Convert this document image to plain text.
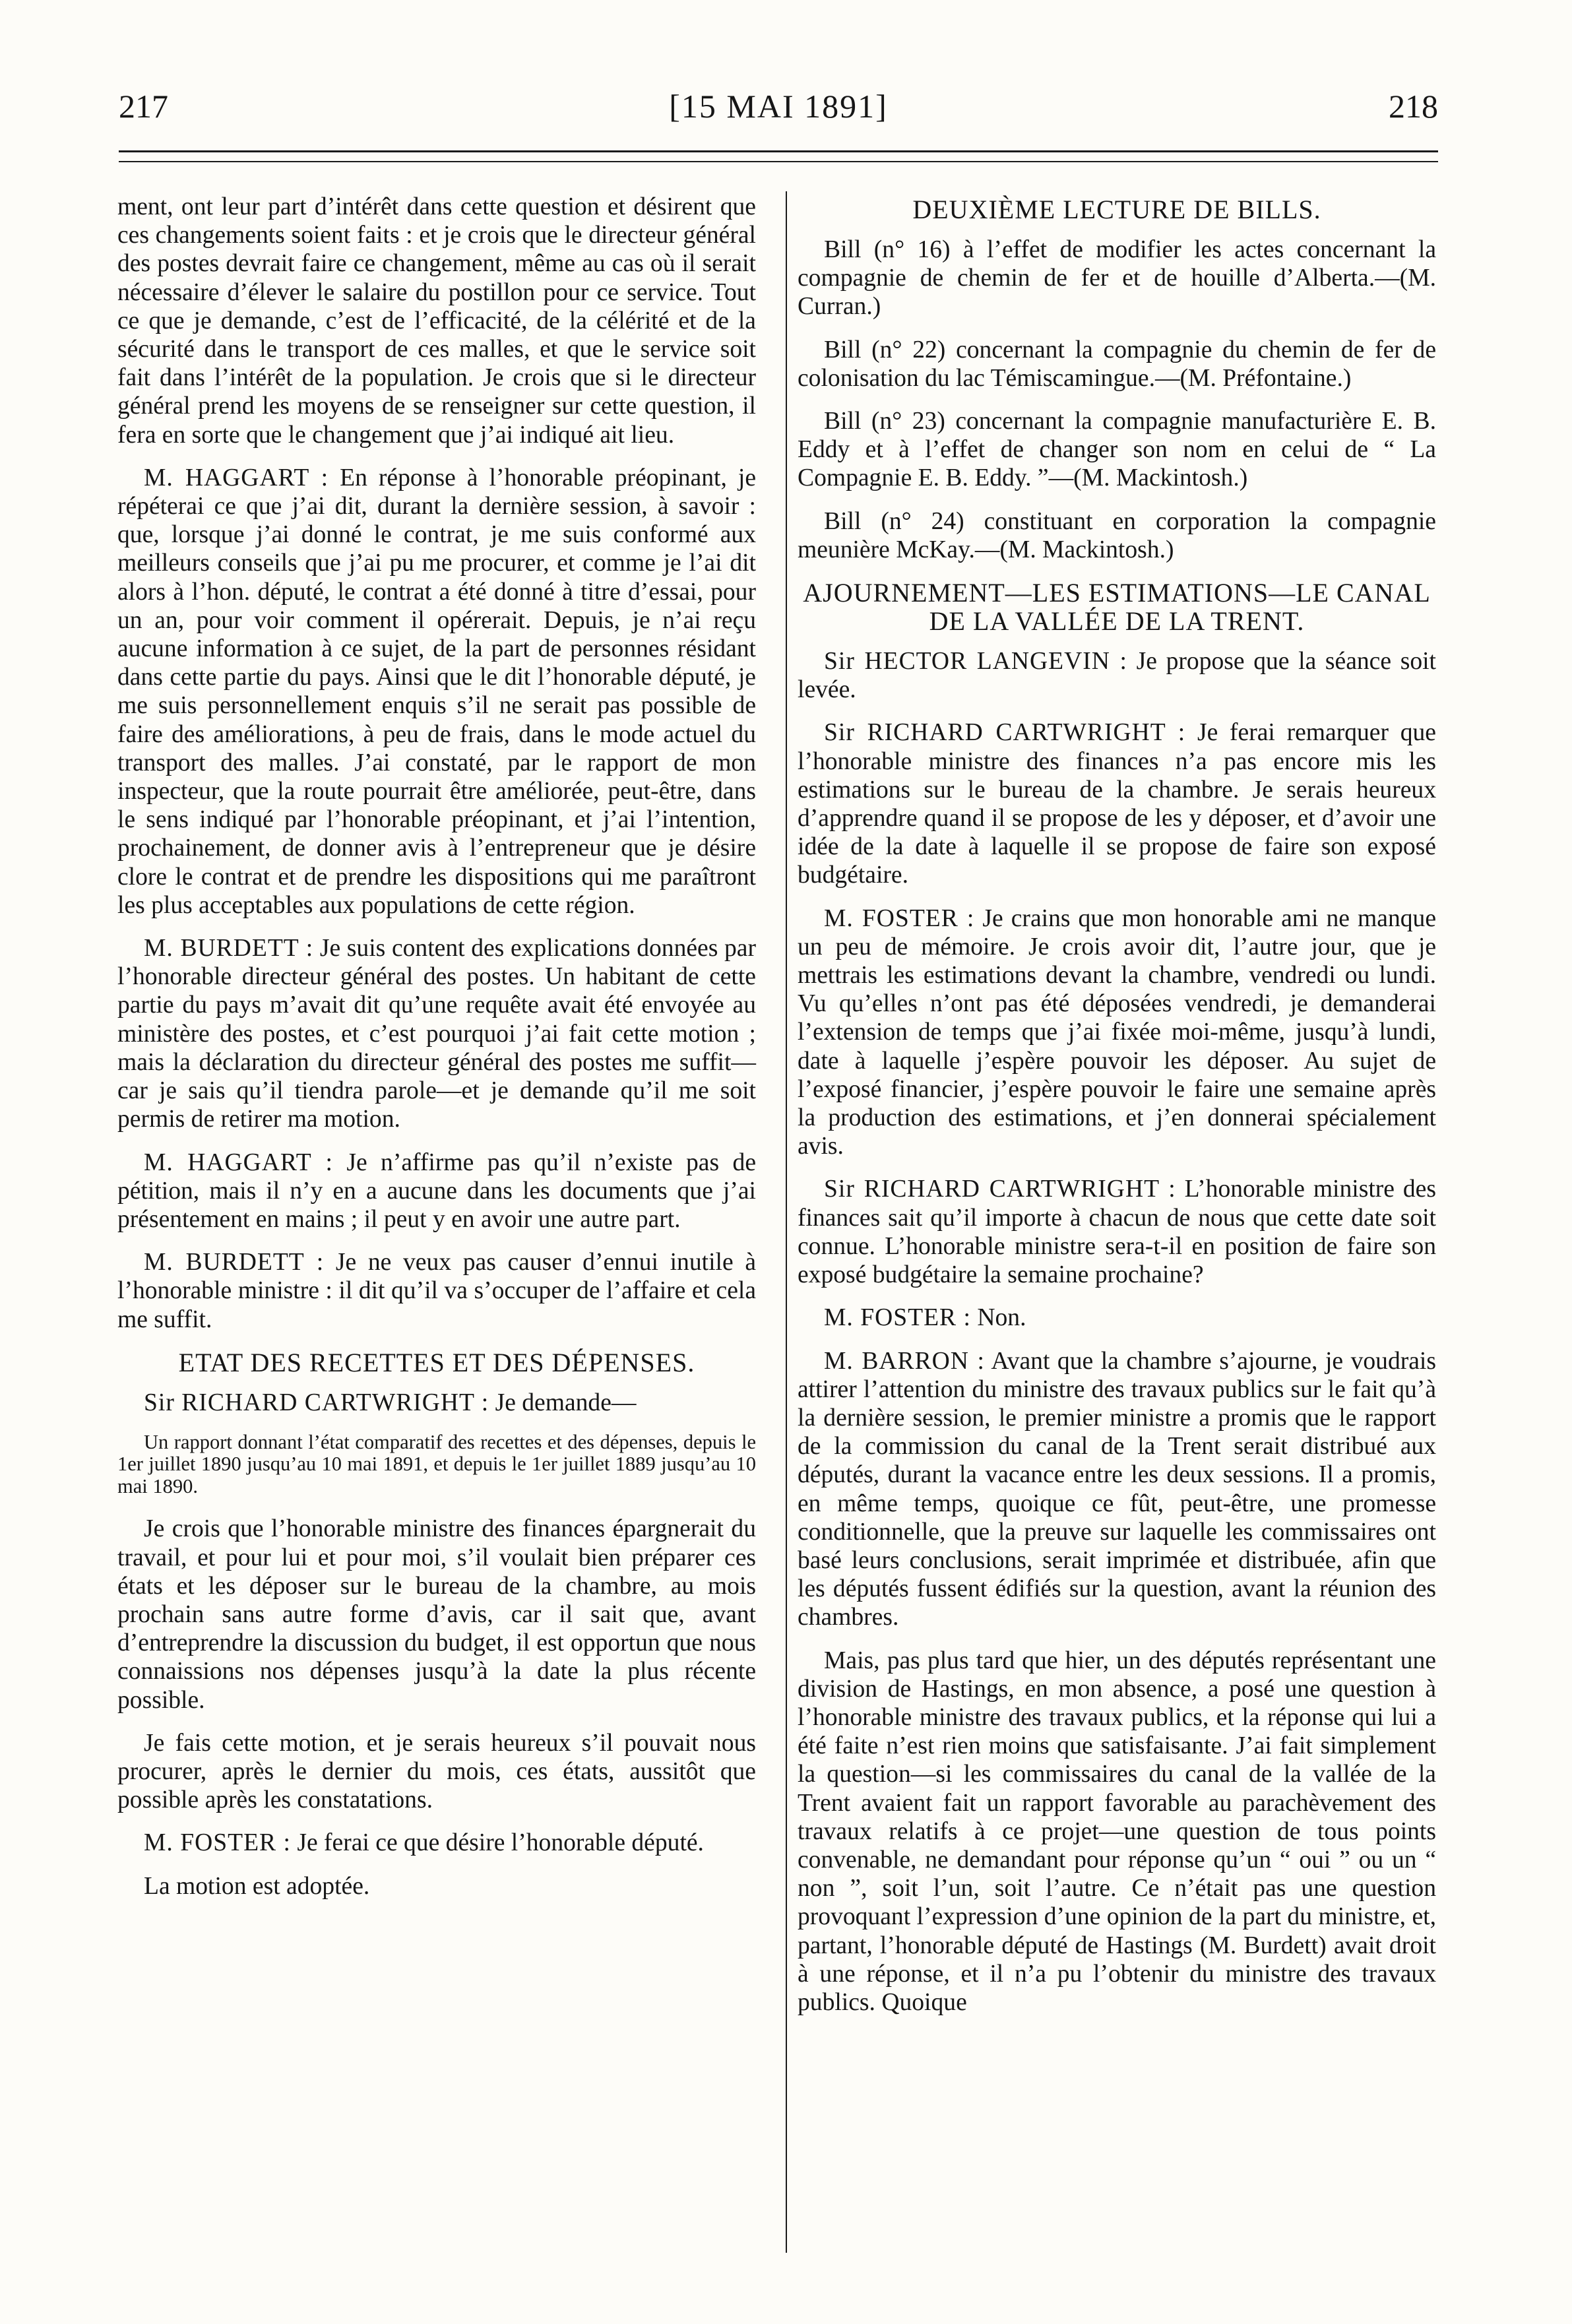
217	[15 MAI 1891]	218

ment, ont leur part d’intérêt dans cette question et désirent que ces changements soient faits : et je crois que le directeur général des postes devrait faire ce changement, même au cas où il serait nécessaire d’élever le salaire du postillon pour ce service. Tout ce que je demande, c’est de l’efficacité, de la célérité et de la sécurité dans le transport de ces malles, et que le service soit fait dans l’intérêt de la population. Je crois que si le directeur général prend les moyens de se renseigner sur cette question, il fera en sorte que le changement que j’ai indiqué ait lieu.

M. HAGGART : En réponse à l’honorable préopinant, je répéterai ce que j’ai dit, durant la dernière session, à savoir : que, lorsque j’ai donné le contrat, je me suis conformé aux meilleurs conseils que j’ai pu me procurer, et comme je l’ai dit alors à l’hon. député, le contrat a été donné à titre d’essai, pour un an, pour voir comment il opérerait. Depuis, je n’ai reçu aucune information à ce sujet, de la part de personnes résidant dans cette partie du pays. Ainsi que le dit l’honorable député, je me suis personnellement enquis s’il ne serait pas possible de faire des améliorations, à peu de frais, dans le mode actuel du transport des malles. J’ai constaté, par le rapport de mon inspecteur, que la route pourrait être améliorée, peut-être, dans le sens indiqué par l’honorable préopinant, et j’ai l’intention, prochainement, de donner avis à l’entrepreneur que je désire clore le contrat et de prendre les dispositions qui me paraîtront les plus acceptables aux populations de cette région.

M. BURDETT : Je suis content des explications données par l’honorable directeur général des postes. Un habitant de cette partie du pays m’avait dit qu’une requête avait été envoyée au ministère des postes, et c’est pourquoi j’ai fait cette motion ; mais la déclaration du directeur général des postes me suffit—car je sais qu’il tiendra parole—et je demande qu’il me soit permis de retirer ma motion.

M. HAGGART : Je n’affirme pas qu’il n’existe pas de pétition, mais il n’y en a aucune dans les documents que j’ai présentement en mains ; il peut y en avoir une autre part.

M. BURDETT : Je ne veux pas causer d’ennui inutile à l’honorable ministre : il dit qu’il va s’occuper de l’affaire et cela me suffit.

ETAT DES RECETTES ET DES DÉPENSES.

Sir RICHARD CARTWRIGHT : Je demande—

Un rapport donnant l’état comparatif des recettes et des dépenses, depuis le 1er juillet 1890 jusqu’au 10 mai 1891, et depuis le 1er juillet 1889 jusqu’au 10 mai 1890.

Je crois que l’honorable ministre des finances épargnerait du travail, et pour lui et pour moi, s’il voulait bien préparer ces états et les déposer sur le bureau de la chambre, au mois prochain sans autre forme d’avis, car il sait que, avant d’entreprendre la discussion du budget, il est opportun que nous connaissions nos dépenses jusqu’à la date la plus récente possible.

Je fais cette motion, et je serais heureux s’il pouvait nous procurer, après le dernier du mois, ces états, aussitôt que possible après les constatations.

M. FOSTER : Je ferai ce que désire l’honorable député.

La motion est adoptée.

DEUXIÈME LECTURE DE BILLS.

Bill (n° 16) à l’effet de modifier les actes concernant la compagnie de chemin de fer et de houille d’Alberta.—(M. Curran.)

Bill (n° 22) concernant la compagnie du chemin de fer de colonisation du lac Témiscamingue.—(M. Préfontaine.)

Bill (n° 23) concernant la compagnie manufacturière E. B. Eddy et à l’effet de changer son nom en celui de “ La Compagnie E. B. Eddy. ”—(M. Mackintosh.)

Bill (n° 24) constituant en corporation la compagnie meunière McKay.—(M. Mackintosh.)

AJOURNEMENT—LES ESTIMATIONS—LE CANAL DE LA VALLÉE DE LA TRENT.

Sir HECTOR LANGEVIN : Je propose que la séance soit levée.

Sir RICHARD CARTWRIGHT : Je ferai remarquer que l’honorable ministre des finances n’a pas encore mis les estimations sur le bureau de la chambre. Je serais heureux d’apprendre quand il se propose de les y déposer, et d’avoir une idée de la date à laquelle il se propose de faire son exposé budgétaire.

M. FOSTER : Je crains que mon honorable ami ne manque un peu de mémoire. Je crois avoir dit, l’autre jour, que je mettrais les estimations devant la chambre, vendredi ou lundi. Vu qu’elles n’ont pas été déposées vendredi, je demanderai l’extension de temps que j’ai fixée moi-même, jusqu’à lundi, date à laquelle j’espère pouvoir les déposer. Au sujet de l’exposé financier, j’espère pouvoir le faire une semaine après la production des estimations, et j’en donnerai spécialement avis.

Sir RICHARD CARTWRIGHT : L’honorable ministre des finances sait qu’il importe à chacun de nous que cette date soit connue. L’honorable ministre sera-t-il en position de faire son exposé budgétaire la semaine prochaine?

M. FOSTER : Non.

M. BARRON : Avant que la chambre s’ajourne, je voudrais attirer l’attention du ministre des travaux publics sur le fait qu’à la dernière session, le premier ministre a promis que le rapport de la commission du canal de la Trent serait distribué aux députés, durant la vacance entre les deux sessions. Il a promis, en même temps, quoique ce fût, peut-être, une promesse conditionnelle, que la preuve sur laquelle les commissaires ont basé leurs conclusions, serait imprimée et distribuée, afin que les députés fussent édifiés sur la question, avant la réunion des chambres.

Mais, pas plus tard que hier, un des députés représentant une division de Hastings, en mon absence, a posé une question à l’honorable ministre des travaux publics, et la réponse qui lui a été faite n’est rien moins que satisfaisante. J’ai fait simplement la question—si les commissaires du canal de la vallée de la Trent avaient fait un rapport favorable au parachèvement des travaux relatifs à ce projet—une question de tous points convenable, ne demandant pour réponse qu’un “ oui ” ou un “ non ”, soit l’un, soit l’autre. Ce n’était pas une question provoquant l’expression d’une opinion de la part du ministre, et, partant, l’honorable député de Hastings (M. Burdett) avait droit à une réponse, et il n’a pu l’obtenir du ministre des travaux publics. Quoique
